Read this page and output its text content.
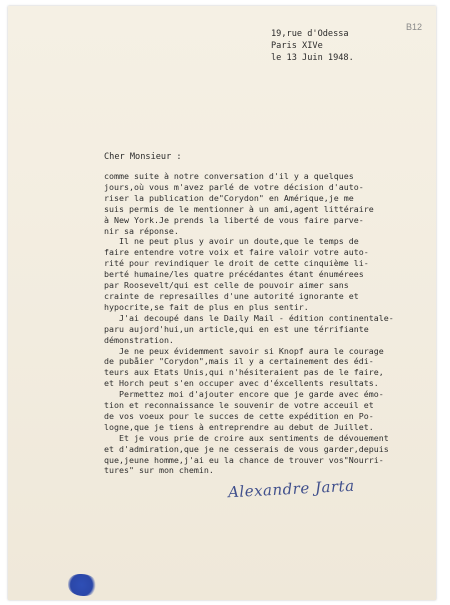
B12
19,rue d'Odessa
Paris XIVe
le 13 Juin 1948.
Cher Monsieur :
comme suite à notre conversation d'il y a quelques
jours,où vous m'avez parlé de votre décision d'auto-
riser la publication de"Corydon" en Amérique,je me
suis permis de le mentionner à un ami,agent littéraire
à New York.Je prends la liberté de vous faire parve-
nir sa réponse.
Il ne peut plus y avoir un doute,que le temps de
faire entendre votre voix et faire valoir votre auto-
rité pour revindiquer le droit de cette cinquième li-
berté humaine/les quatre précédantes étant énumérees
par Roosevelt/qui est celle de pouvoir aimer sans
crainte de represailles d'une autorité ignorante et
hypocrite,se fait de plus en plus sentir.
J'ai decoupé dans le Daily Mail - édition continentale-
paru aujord'hui,un article,qui en est une térrifiante
démonstration.
Je ne peux évidemment savoir si Knopf aura le courage
de pubåier "Corydon",mais il y a certainement des édi-
teurs aux Etats Unis,qui n'hésiteraient pas de le faire,
et Horch peut s'en occuper avec d'éxcellents resultats.
Permettez moi d'ajouter encore que je garde avec émo-
tion et reconnaissance le souvenir de votre acceuil et
de vos voeux pour le succes de cette expédition en Po-
logne,que je tiens à entreprendre au debut de Juillet.
Et je vous prie de croire aux sentiments de dévouement
et d'admiration,que je ne cesserais de vous garder,depuis
que,jeune homme,j'ai eu la chance de trouver vos"Nourri-
tures" sur mon chemin.
Alexandre Jarta
